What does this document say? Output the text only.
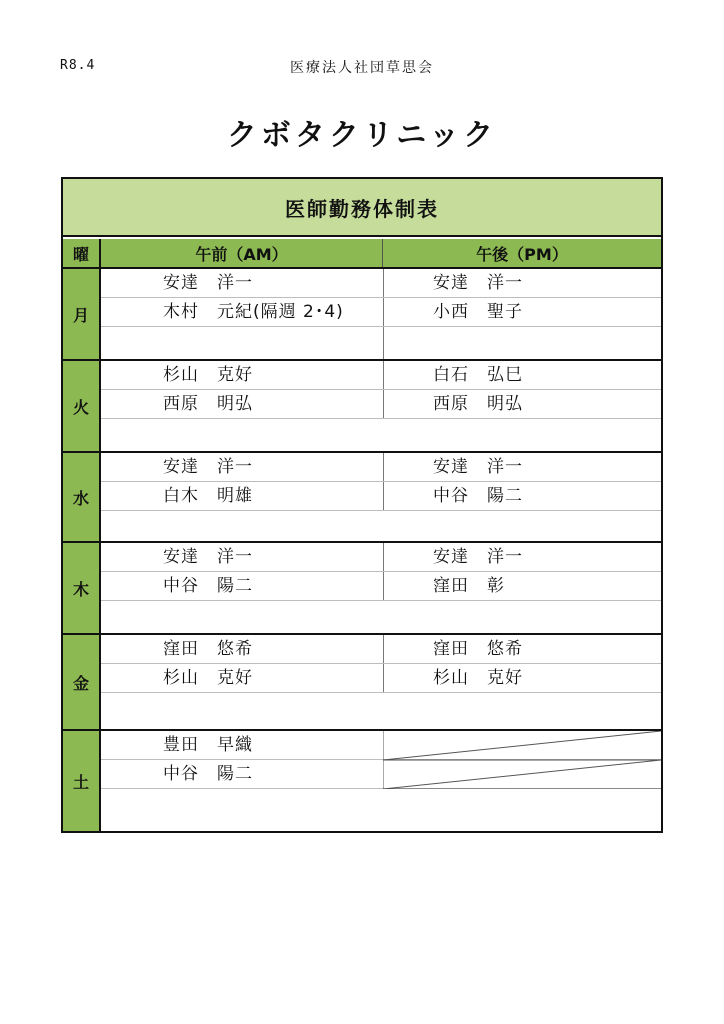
R8.4	医療法人社団草思会
クボタクリニック
医師勤務体制表
曜	午前（AM）	午後（PM）
月
安達　洋一	安達　洋一
木村　元紀(隔週 2･4)	小西　聖子
火
杉山　克好	白石　弘巳
西原　明弘	西原　明弘
水
安達　洋一	安達　洋一
白木　明雄	中谷　陽二
木
安達　洋一	安達　洋一
中谷　陽二	窪田　彰
金
窪田　悠希	窪田　悠希
杉山　克好	杉山　克好
土
豊田　早織
中谷　陽二
